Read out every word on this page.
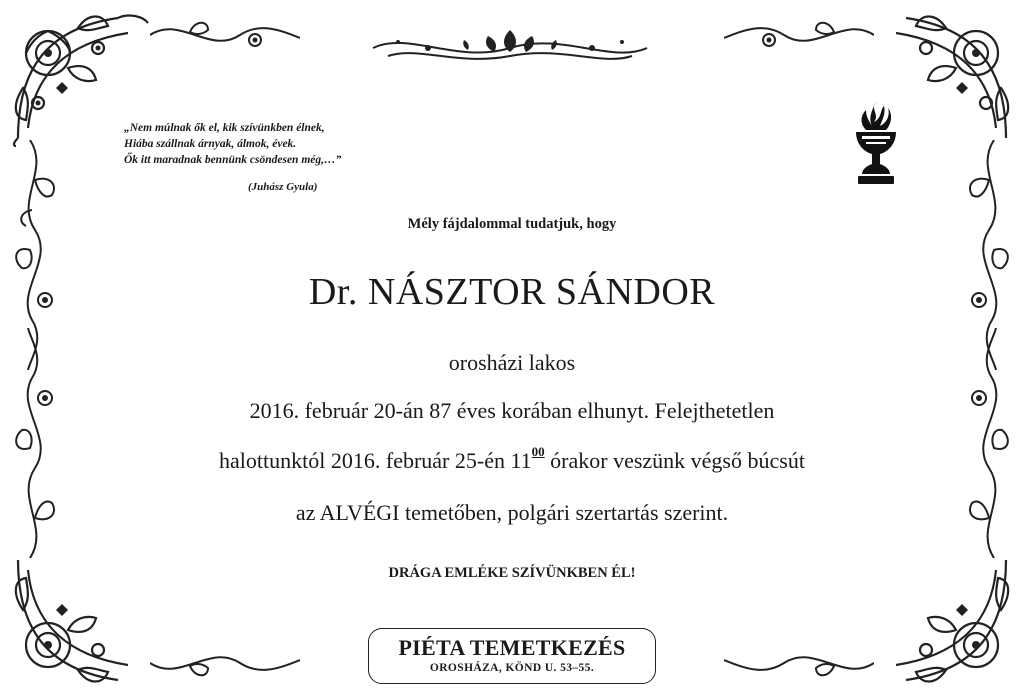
„Nem múlnak ők el, kik szívünkben élnek,
Hiába szállnak árnyak, álmok, évek.
Ők itt maradnak bennünk csöndesen még,…”
(Juhász Gyula)
Mély fájdalommal tudatjuk, hogy
Dr. NÁSZTOR SÁNDOR
orosházi lakos
2016. február 20-án 87 éves korában elhunyt. Felejthetetlen
halottunktól 2016. február 25-én $11^{00}$ órakor veszünk végső búcsút
az ALVÉGI temetőben, polgári szertartás szerint.
DRÁGA EMLÉKE SZÍVÜNKBEN ÉL!
PIÉTA TEMETKEZÉS
OROSHÁZA, KÖND U. 53–55.
